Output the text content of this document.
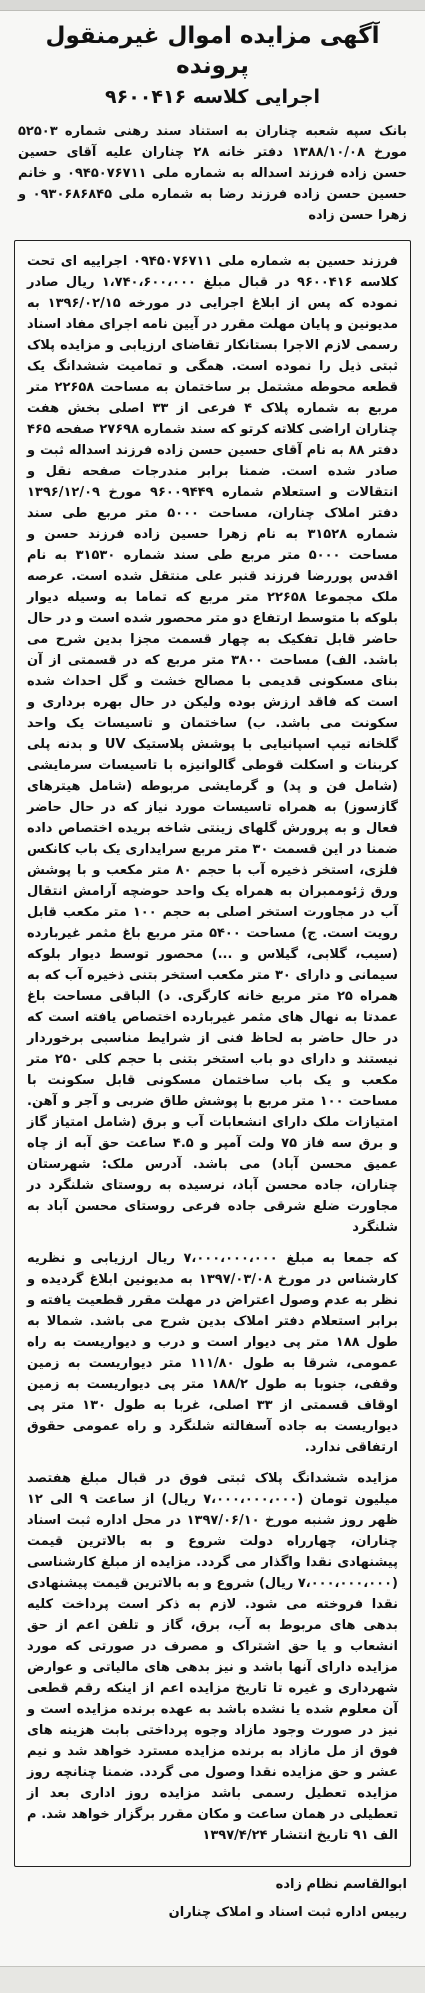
آگهی مزایده اموال غیرمنقول پرونده
اجرایی کلاسه ۹۶۰۰۴۱۶
بانک سپه شعبه چناران به استناد سند رهنی شماره ۵۲۵۰۳ مورخ ۱۳۸۸/۱۰/۰۸ دفتر خانه ۲۸ چناران علیه آقای حسین حسن زاده فرزند اسداله به شماره ملی ۰۹۴۵۰۷۶۷۱۱ و خانم حسین حسن زاده فرزند رضا به شماره ملی ۰۹۳۰۶۸۶۸۴۵ و زهرا حسن زاده

فرزند حسین به شماره ملی ۰۹۴۵۰۷۶۷۱۱ اجراییه ای تحت کلاسه ۹۶۰۰۴۱۶ در قبال مبلغ ۱،۷۴۰،۶۰۰،۰۰۰ ریال صادر نموده که پس از ابلاغ اجرایی در مورخه ۱۳۹۶/۰۲/۱۵ به مدیونین و پایان مهلت مقرر در آیین نامه اجرای مفاد اسناد رسمی لازم الاجرا بستانکار تقاضای ارزیابی و مزایده پلاک ثبتی ذیل را نموده است. همگی و تمامیت ششدانگ یک قطعه محوطه مشتمل بر ساختمان به مساحت ۲۲۶۵۸ متر مربع به شماره پلاک ۴ فرعی از ۳۳ اصلی بخش هفت چناران اراضی کلاته کرتو که سند شماره ۲۷۶۹۸ صفحه ۴۶۵ دفتر ۸۸ به نام آقای حسین حسن زاده فرزند اسداله ثبت و صادر شده است. ضمنا برابر مندرجات صفحه نقل و انتقالات و استعلام شماره ۹۶۰۰۹۴۴۹ مورخ ۱۳۹۶/۱۲/۰۹ دفتر املاک چناران، مساحت ۵۰۰۰ متر مربع طی سند شماره ۳۱۵۲۸ به نام زهرا حسین زاده فرزند حسن و مساحت ۵۰۰۰ متر مربع طی سند شماره ۳۱۵۳۰ به نام اقدس پوررضا فرزند قنبر علی منتقل شده است. عرصه ملک مجموعا ۲۲۶۵۸ متر مربع که تماما به وسیله دیوار بلوکه با متوسط ارتفاع دو متر محصور شده است و در حال حاضر قابل تفکیک به چهار قسمت مجزا بدین شرح می باشد. الف) مساحت ۳۸۰۰ متر مربع که در قسمتی از آن بنای مسکونی قدیمی با مصالح خشت و گل احداث شده است که فاقد ارزش بوده ولیکن در حال بهره برداری و سکونت می باشد. ب) ساختمان و تاسیسات یک واحد گلخانه تیپ اسپانیایی با پوشش پلاستیک UV و بدنه پلی کربنات و اسکلت قوطی گالوانیزه با تاسیسات سرمایشی (شامل فن و پد) و گرمایشی مربوطه (شامل هیترهای گازسوز) به همراه تاسیسات مورد نیاز که در حال حاضر فعال و به پرورش گلهای زینتی شاخه بریده اختصاص داده ضمنا در این قسمت ۳۰ متر مربع سرایداری یک باب کانکس فلزی، استخر ذخیره آب با حجم ۸۰ متر مکعب و با پوشش ورق ژئوممبران به همراه یک واحد حوضچه آرامش انتقال آب در مجاورت استخر اصلی به حجم ۱۰۰ متر مکعب قابل رویت است. ج) مساحت ۵۴۰۰ متر مربع باغ مثمر غیربارده (سیب، گلابی، گیلاس و ...) محصور توسط دیوار بلوکه سیمانی و دارای ۳۰ متر مکعب استخر بتنی ذخیره آب که به همراه ۲۵ متر مربع خانه کارگری. د) الباقی مساحت باغ عمدتا به نهال های مثمر غیربارده اختصاص یافته است که در حال حاضر به لحاظ فنی از شرایط مناسبی برخوردار نیستند و دارای دو باب استخر بتنی با حجم کلی ۲۵۰ متر مکعب و یک باب ساختمان مسکونی قابل سکونت با مساحت ۱۰۰ متر مربع با پوشش طاق ضربی و آجر و آهن. امتیازات ملک دارای انشعابات آب و برق (شامل امتیاز گاز و برق سه فاز ۷۵ ولت آمپر و ۴.۵ ساعت حق آبه از چاه عمیق محسن آباد) می باشد. آدرس ملک: شهرستان چناران، جاده محسن آباد، نرسیده به روستای شلنگرد در مجاورت ضلع شرقی جاده فرعی روستای محسن آباد به شلنگرد

که جمعا به مبلغ ۷،۰۰۰،۰۰۰،۰۰۰ ریال ارزیابی و نظریه کارشناس در مورخ ۱۳۹۷/۰۳/۰۸ به مدیونین ابلاغ گردیده و نظر به عدم وصول اعتراض در مهلت مقرر قطعیت یافته و برابر استعلام دفتر املاک بدین شرح می باشد. شمالا به طول ۱۸۸ متر پی دیوار است و درب و دیواریست به راه عمومی، شرقا به طول ۱۱۱/۸۰ متر دیواریست به زمین وقفی، جنوبا به طول ۱۸۸/۲ متر پی دیواریست به زمین اوقاف قسمتی از ۳۳ اصلی، غربا به طول ۱۳۰ متر پی دیواریست به جاده آسفالته شلنگرد و راه عمومی حقوق ارتفاقی ندارد.

مزایده ششدانگ پلاک ثبتی فوق در قبال مبلغ هفتصد میلیون تومان (۷،۰۰۰،۰۰۰،۰۰۰ ریال) از ساعت ۹ الی ۱۲ ظهر روز شنبه مورخ ۱۳۹۷/۰۶/۱۰ در محل اداره ثبت اسناد چناران، چهارراه دولت شروع و به بالاترین قیمت پیشنهادی نقدا واگذار می گردد. مزایده از مبلغ کارشناسی (۷،۰۰۰،۰۰۰،۰۰۰ ریال) شروع و به بالاترین قیمت پیشنهادی نقدا فروخته می شود. لازم به ذکر است پرداخت کلیه بدهی های مربوط به آب، برق، گاز و تلفن اعم از حق انشعاب و یا حق اشتراک و مصرف در صورتی که مورد مزایده دارای آنها باشد و نیز بدهی های مالیاتی و عوارض شهرداری و غیره تا تاریخ مزایده اعم از اینکه رقم قطعی آن معلوم شده یا نشده باشد به عهده برنده مزایده است و نیز در صورت وجود مازاد وجوه پرداختی بابت هزینه های فوق از مل مازاد به برنده مزایده مسترد خواهد شد و نیم عشر و حق مزایده نقدا وصول می گردد. ضمنا چنانچه روز مزایده تعطیل رسمی باشد مزایده روز اداری بعد از تعطیلی در همان ساعت و مکان مقرر برگزار خواهد شد. م الف ۹۱ تاریخ انتشار ۱۳۹۷/۴/۲۴

ابوالقاسم نظام زاده
رییس اداره ثبت اسناد و املاک چناران
